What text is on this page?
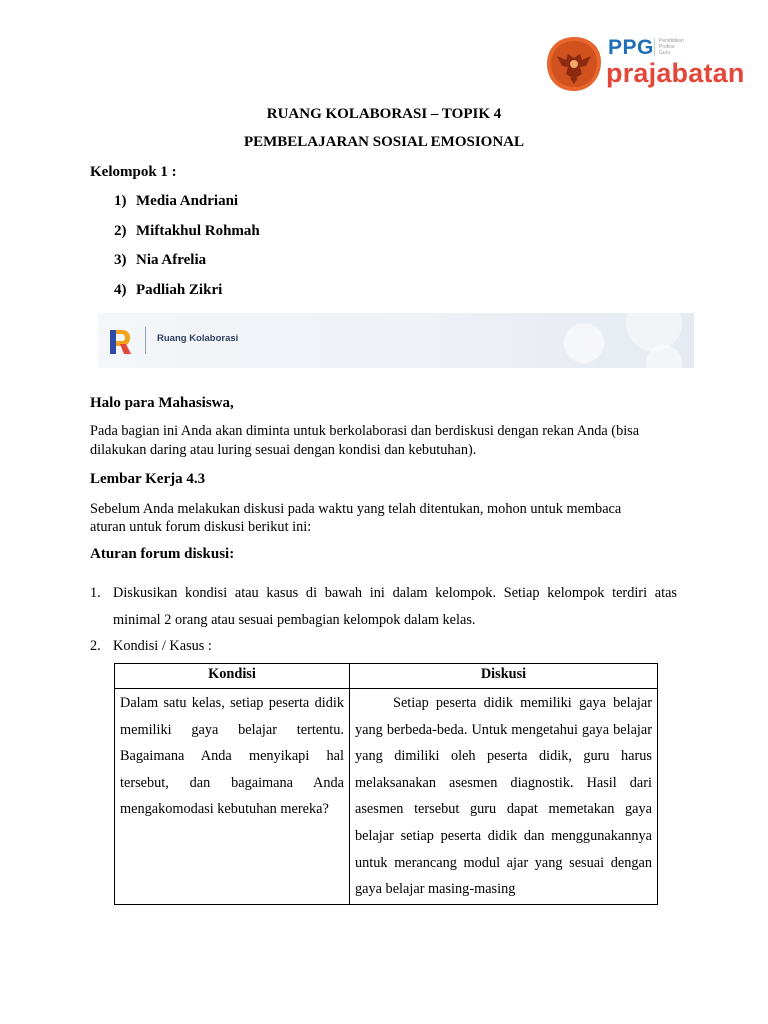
PPG Pendidikan
Profesi
Guru
prajabatan
RUANG KOLABORASI – TOPIK 4
PEMBELAJARAN SOSIAL EMOSIONAL
Kelompok 1 :
1) Media Andriani
2) Miftakhul Rohmah
3) Nia Afrelia
4) Padliah Zikri
Ruang Kolaborasi
Halo para Mahasiswa,
Pada bagian ini Anda akan diminta untuk berkolaborasi dan berdiskusi dengan rekan Anda (bisa
dilakukan daring atau luring sesuai dengan kondisi dan kebutuhan).
Lembar Kerja 4.3
Sebelum Anda melakukan diskusi pada waktu yang telah ditentukan, mohon untuk membaca
aturan untuk forum diskusi berikut ini:
Aturan forum diskusi:
1. Diskusikan kondisi atau kasus di bawah ini dalam kelompok. Setiap kelompok terdiri atas
minimal 2 orang atau sesuai pembagian kelompok dalam kelas.
2. Kondisi / Kasus :
Kondisi	Diskusi
Dalam satu kelas, setiap peserta didik memiliki gaya belajar tertentu. Bagaimana Anda menyikapi hal tersebut, dan bagaimana Anda mengakomodasi kebutuhan mereka?	Setiap peserta didik memiliki gaya belajar yang berbeda-beda. Untuk mengetahui gaya belajar yang dimiliki oleh peserta didik, guru harus melaksanakan asesmen diagnostik. Hasil dari asesmen tersebut guru dapat memetakan gaya belajar setiap peserta didik dan menggunakannya untuk merancang modul ajar yang sesuai dengan gaya belajar masing-masing
